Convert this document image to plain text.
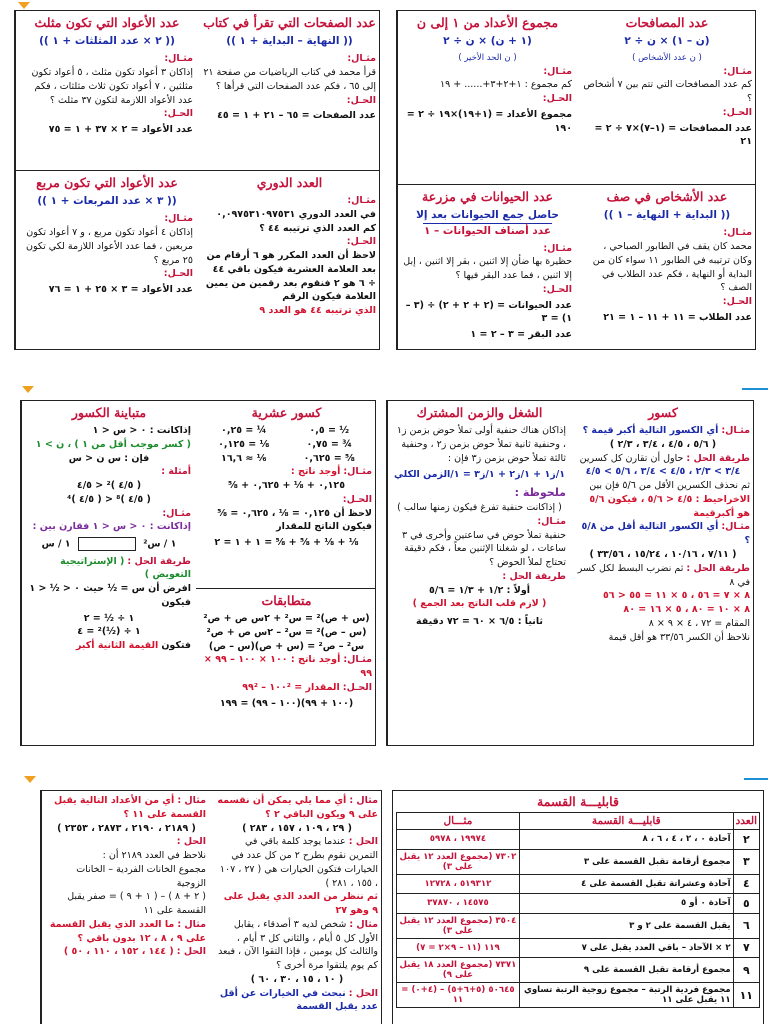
عدد الأعواد التي تكون مثلث
(( ٢ × عدد المثلثات + ١ ))
مثـال:
إذاكان ٣ أعواد تكون مثلث ، ٥ أعواد تكون مثلثين ، ٧ أعواد تكون ثلاث مثلثات ، فكم عدد الأعواد اللازمة لتكون ٣٧ مثلث ؟
الحـل:
عدد الأعواد = ٢ × ٣٧ + ١ = ٧٥
عدد الصفحات التي تقرأ في كتاب
(( النهاية – البداية + ١ ))
مثـال:
قرأ محمد في كتاب الرياضيات من صفحة ٢١ إلى ٦٥ ، فكم عدد الصفحات التي قرأها ؟
الحـل:
عدد الصفحات = ٦٥ – ٢١ + ١ = ٤٥
عدد الأعواد التي تكون مربع
(( ٣ × عدد المربعات + ١ ))
مثـال:
إذاكان ٤ أعواد تكون مربع ، و ٧ أعواد تكون مربعين ، فما عدد الأعواد اللازمة لكي تكون ٢٥ مربع ؟
الحـل:
عدد الأعواد = ٣ × ٢٥ + ١ = ٧٦
العدد الدوري
مثـال:
في العدد الدوري ٠,٠٩٧٥٣١٠٩٧٥٣١ كم العدد الذي ترتيبه ٤٤ ؟
الحـل:
لاحظ أن العدد المكرر هو ٦ أرقام من بعد العلامة العشرية فيكون باقي ٤٤ ÷ ٦ هو ٢ فنقوم بعد رقمين من يمين العلامة فيكون الرقم
الذي ترتيبه ٤٤ هو العدد ٩
مجموع الأعداد من ١ إلى ن
(١ + ن) × ن ÷ ٢
( ن الحد الأخير )
مثـال:
كم مجموع : ١+٢+٣+...... + ١٩
الحـل:
مجموع الأعداد = (١+١٩)×١٩ ÷ ٢ = ١٩٠
عدد المصافحات
(ن – ١) × ن ÷ ٢
( ن عدد الأشخاص )
مثـال:
كم عدد المصافحات التي تتم بين ٧ أشخاص ؟
الحـل:
عدد المصافحات = (١–٧)×٧ ÷ ٢ = ٢١
عدد الحيوانات في مزرعة
حاصل جمع الحيوانات بعد إلا
عدد أصناف الحيوانات – ١
مثـال:
حظيرة بها ضأن إلا اثنين ، بقر إلا اثنين ، إبل إلا اثنين ، فما عدد البقر فيها ؟
الحـل:
عدد الحيوانات = (٢ + ٢ + ٢) ÷ (٣ – ١) = ٣
عدد البقر = ٣ – ٢ = ١
عدد الأشخاص في صف
(( البداية + النهاية – ١ ))
مثـال:
محمد كان يقف في الطابور الصباحي ، وكان ترتيبه في الطابور ١١ سواء كان من البداية أو النهاية ، فكم عدد الطلاب في الصف ؟
الحـل:
عدد الطلاب = ١١ + ١١ – ١ = ٢١
متباينة الكسور
إذاكانت : ٠ < س < ١
( كسر موجب أقل من ١ ) ، ن > ١
فإن : س ن < س
أمثلة :
( ٤/٥ )² < ٤/٥
( ٤/٥ )⁸ < ( ٤/٥ )⁴
مثـال:
إذاكانت : ٠ < س < ١ فقارن بين :
١ / س²  ١ / س
طريقة الحل : ( الإستراتيجية التعويض )
افرض أن س = ½ حيث ٠ < ½ < ١ فيكون
١ ÷ ½ = ٢
١ ÷ (½)² = ٤
فتكون القيمة الثانية أكبر
كسور عشرية
٠,٢٥ = ¼	٠,٥ = ½
٠,١٢٥ = ⅛	٠,٧٥ = ¾
١٦,٦ ≈ ⅙	٠,٦٢٥ = ⅝
مثـال: أوجد ناتج :
٠,١٢٥ + ⅛ + ٠,٦٢٥ + ⅝
الحـل:
لاحظ أن ٠,١٢٥ = ⅛ ، ٠,٦٢٥ = ⅝
فيكون الناتج للمقدار
⅛ + ⅛ + ⅝ + ⅝ = ١ + ١ = ٢
متطابقات
(س + ص)² = س² + ٢س ص + ص²
(س – ص)² = س² – ٢س ص + ص²
س² – ص² = (س + ص)(س – ص)
مثـال: أوجد ناتج : ١٠٠ × ١٠٠ – ٩٩ × ٩٩
الحـل: المقدار = ١٠٠² – ٩٩²
(١٠٠ + ٩٩)(١٠٠ – ٩٩) = ١٩٩
الشغل والزمن المشترك
إذاكان هناك حنفية أولى تملأ حوض بزمن ز١ ، وحنفية ثانية تملأ حوض بزمن ز٢ ، وحنفية ثالثة تملأ حوض بزمن ز٣ فإن :
١/ز١ + ١/ز٢ + ١/ز٣ = ١/الزمن الكلي
ملحوظة :
( إذاكانت حنفية تفرغ فيكون زمنها سالب )
مثـال:
حنفية تملأ حوض في ساعتين وأخرى في ٣ ساعات ، لو شغلنا الإثنين معاً ، فكم دقيقة تحتاج لملأ الحوض ؟
طريقة الحل :
أولاً : ١/٢ + ١/٣ = ٥/٦
( لازم قلب الناتج بعد الجمع )
ثانياً : ٦/٥ × ٦٠ = ٧٢ دقيقة
كسور
مثـال: أي الكسور التالية أكبر قيمة ؟
( ٥/٦ ، ٤/٥ ، ٣/٤ ، ٢/٣ )
طريقة الحل : حاول أن تقارن كل كسرين
٣/٤ > ٢/٣ ، ٤/٥ > ٣/٤ ، ٥/٦ > ٤/٥
ثم نحذف الكسرين الأقل من ٥/٦ فإن بين
الاخراحيط : ٤/٥ < ٥/٦ ، فيكون ٥/٦ هو أكبرقيمة
مثـال: أي الكسور التالية أقل من ٥/٨ ؟
( ٧/١١ ، ١٠/١٦ ، ١٥/٢٤ ، ٣٣/٥٦ )
طريقة الحل : ثم نضرب البسط لكل كسر في ٨
٨ × ٧ = ٥٦ ، ٥ × ١١ = ٥٥ < ٥٦
٨ × ١٠ = ٨٠ ، ٥ × ١٦ = ٨٠
المقام = ٧٢ ، ٤ × ٩ × ٨
نلاحظ أن الكسر ٣٣/٥٦ هو أقل قيمة
مثال : أي من الأعداد التالية يقبل القسمة على ١١ ؟
( ٢١٨٩ ، ٢١٩٠ ، ٢٨٧٣ ، ٢٣٥٣ )
الحل :
نلاحظ في العدد ٢١٨٩ أن :
مجموع الخانات الفردية – الخانات الزوجية
( ٢ + ٨ ) – ( ١ + ٩ ) = صفر يقبل القسمة على ١١
مثال : ما العدد الذي يقبل القسمة على ٩ ، ٨ ، ١٢ بدون باقي ؟
الحل : ( ١٤٤ ، ١٥٢ ، ١١٠ ، ٥٠ )
مثال : أي مما يلي يمكن أن نقسمه على ٩ ويكون الباقي ٢ ؟
( ٢٩ ، ١٠٩ ، ١٥٧ ، ٢٨٣ )
الحل : عندما يوجد كلمة باقي في التمرين نقوم بطرح ٢ من كل عدد في الخيارات فتكون الخيارات هي ( ٢٧ ، ١٠٧ ، ١٥٥ ، ٢٨١ )
ثم ننظر من العدد الذي يقبل على ٩ وهو ٢٧
مثال : شخص لديه ٣ أصدقاء ، يقابل الأول كل ٥ أيام ، والثاني كل ٣ أيام ، والثالث كل يومين ، فإذا التقوا الآن ، فبعد كم يوم يلتقوا مرة أخرى ؟
( ١٠ ، ١٥ ، ٣٠ ، ٦٠ )
الحل : نبحث في الخيارات عن أقل عدد يقبل القسمة
قابليـــة القسمة
العدد	قابليـــة القسمة	مثـــال
٢	آحادة ٠ ، ٢ ، ٤ ، ٦ ، ٨	١٩٩٧٤ ، ٥٩٧٨
٣	مجموع أرقامة تقبل القسمة على ٣	٧٣٠٢ (مجموع العدد ١٢ يقبل على ٣)
٤	آحادة وعشراتة تقبل القسمة على ٤	٥١٩٣١٢ ، ١٢٧٢٨
٥	آحادة ٠ أو ٥	١٤٥٧٥ ، ٣٧٨٧٠
٦	يقبل القسمة على ٢ و ٣	٣٥٠٤ (مجموع العدد ١٢ يقبل على ٣)
٧	٢ × الآحاد – باقي العدد يقبل على ٧	١١٩ (١١ – ٩×٢ = ٧)
٩	مجموع أرقامة تقبل القسمة على ٩	٧٣٧١ (مجموع العدد ١٨ يقبل على ٩)
١١	مجموع فردية الرتبة – مجموع زوجية الرتبة تساوي ١١ يقبل على ١١	٥٠٦٤٥ (٥+٦+٥) – (٤+٠) = ١١
